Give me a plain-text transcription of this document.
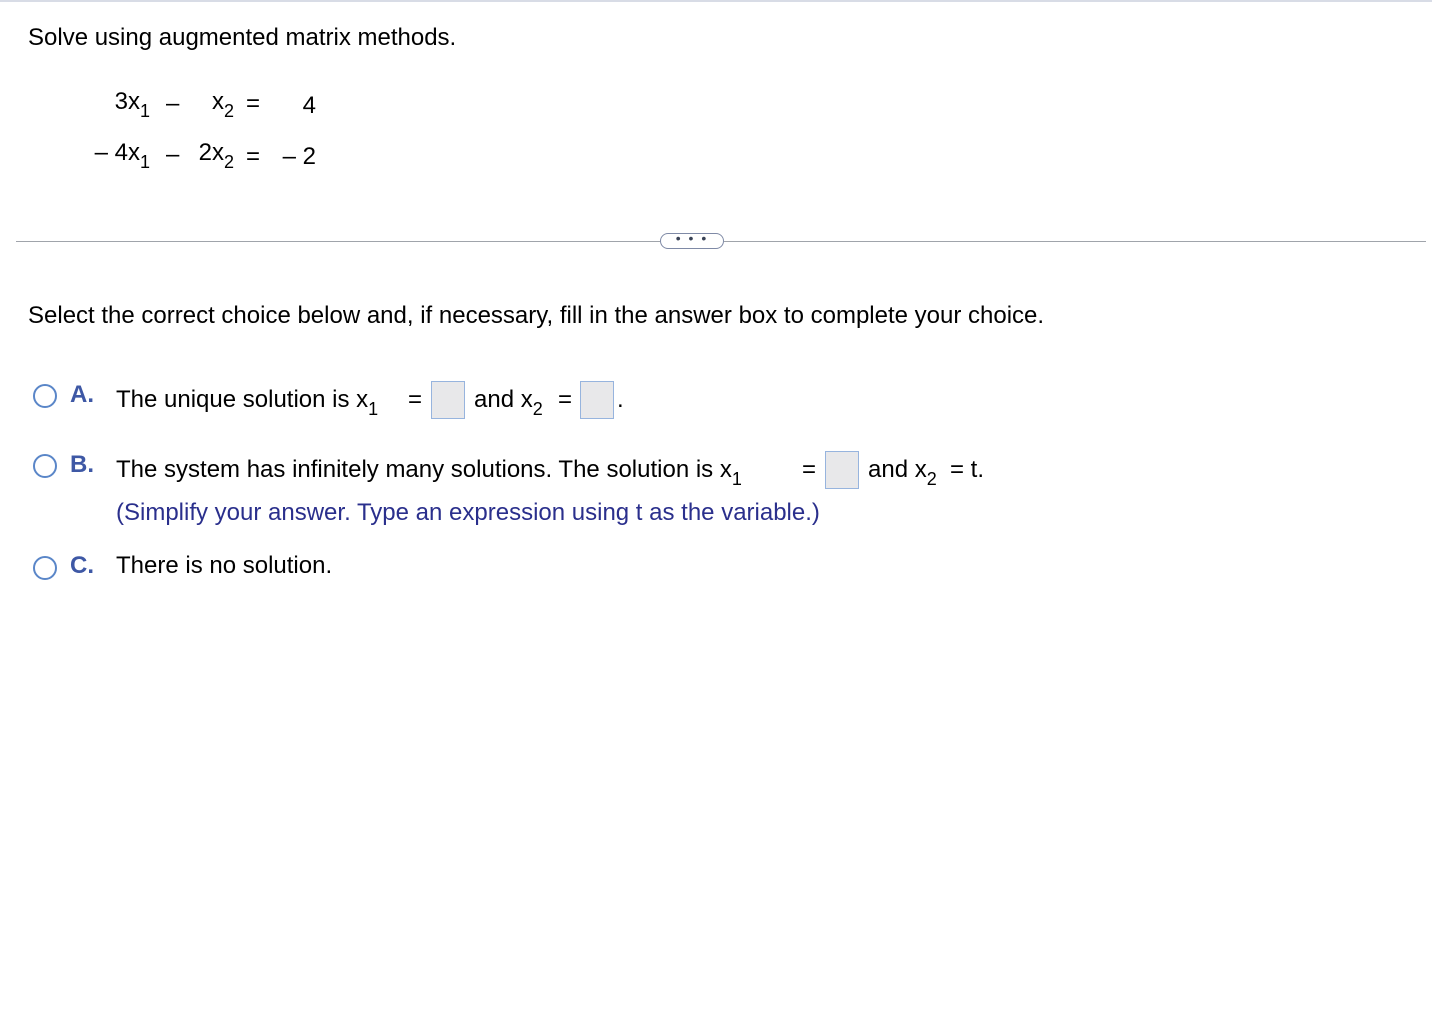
Solve using augmented matrix methods.
$3x_1$ –	$x_2$ =	4
– $4x_1 - 2x_2$ = – 2
• • •
Select the correct choice below and, if necessary, fill in the answer box to complete your choice.
A. The unique solution is $x_1$ = and $x_2$ = .
B. The system has infinitely many solutions. The solution is $x_1$	= and $x_2 = t$.
(Simplify your answer. Type an expression using t as the variable.)
C. There is no solution.
